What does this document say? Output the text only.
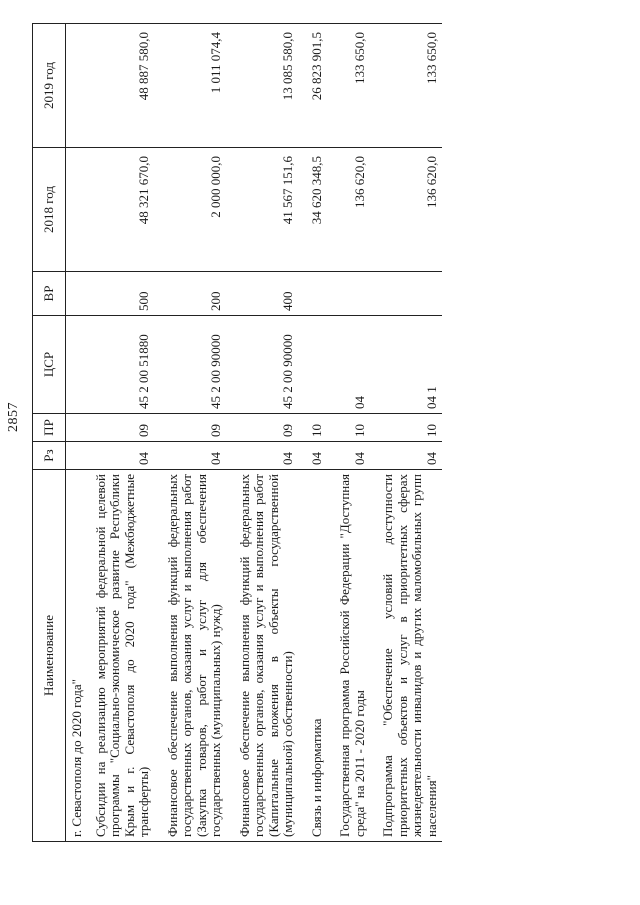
2857
Наименование	Рз	ПР	ЦСР	ВР	2018 год	2019 год
г. Севастополя до 2020 года"						
Субсидии на реализацию мероприятий федеральной целевой программы "Социально-экономическое развитие Республики Крым и г. Севастополя до 2020 года" (Межбюджетные трансферты)	04	09	45 2 00 51880	500	48 321 670,0	48 887 580,0

Финансовое обеспечение выполнения функций федеральных государственных органов, оказания услуг и выполнения работ (Закупка товаров, работ и услуг для обеспечения государственных (муниципальных) нужд)	04	09	45 2 00 90000	200	2 000 000,0	1 011 074,4

Финансовое обеспечение выполнения функций федеральных государственных органов, оказания услуг и выполнения работ (Капитальные вложения в объекты государственной (муниципальной) собственности)	04	09	45 2 00 90000	400	41 567 151,6	13 085 580,0

Связь и информатика	04	10			34 620 348,5	26 823 901,5

Государственная программа Российской Федерации "Доступная среда" на 2011 - 2020 годы	04	10	04		136 620,0	133 650,0

Подпрограмма "Обеспечение условий доступности приоритетных объектов и услуг в приоритетных сферах жизнедеятельности инвалидов и других маломобильных групп населения"	04	10	04 1		136 620,0	133 650,0
